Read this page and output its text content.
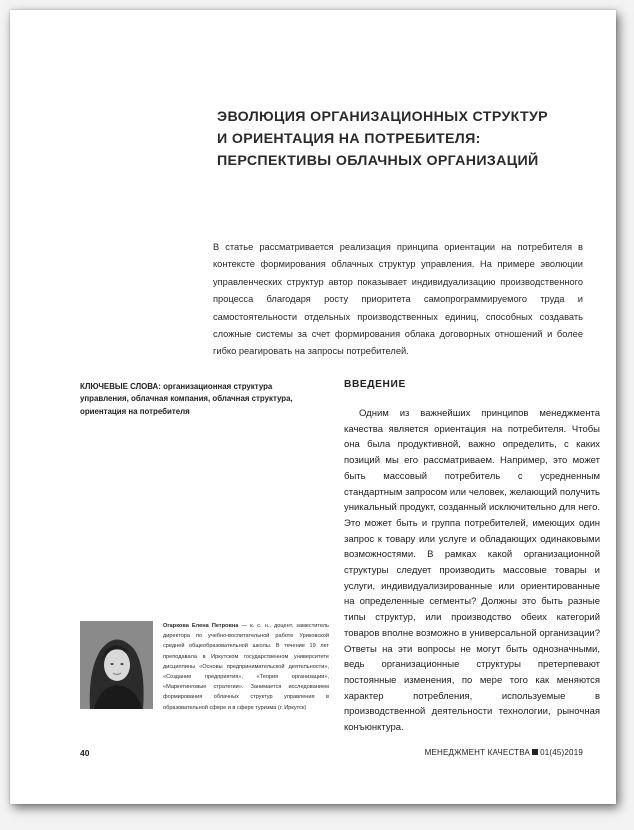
ЭВОЛЮЦИЯ ОРГАНИЗАЦИОННЫХ СТРУКТУР
И ОРИЕНТАЦИЯ НА ПОТРЕБИТЕЛЯ:
ПЕРСПЕКТИВЫ ОБЛАЧНЫХ ОРГАНИЗАЦИЙ

В статье рассматривается реализация принципа ориентации на потребителя в контексте формирования облачных структур управления. На примере эволюции управленческих структур автор показывает индивидуализацию производственного процесса благодаря росту приоритета самопрограммируемого труда и самостоятельности отдельных производственных единиц, способных создавать сложные системы за счет формирования облака договорных отношений и более гибко реагировать на запросы потребителей.

КЛЮЧЕВЫЕ СЛОВА: организационная структура управления, облачная компания, облачная структура, ориентация на потребителя

ВВЕДЕНИЕ

Одним из важнейших принципов менеджмента качества является ориентация на потребителя. Чтобы она была продуктивной, важно определить, с каких позиций мы его рассматриваем. Например, это может быть массовый потребитель с усредненным стандартным запросом или человек, желающий получить уникальный продукт, созданный исключительно для него. Это может быть и группа потребителей, имеющих один запрос к товару или услуге и обладающих одинаковыми возможностями. В рамках какой организационной структуры следует производить массовые товары и услуги, индивидуализированные или ориентированные на определенные сегменты? Должны это быть разные типы структур, или производство обеих категорий товаров вполне возможно в универсальной организации? Ответы на эти вопросы не могут быть однозначными, ведь организационные структуры претерпевают постоянные изменения, по мере того как меняются характер потребления, используемые в производственной деятельности технологии, рыночная конъюнктура.

Огаркова Елена Петровна — к. с. н., доцент, заместитель директора по учебно-воспитательной работе Уриковской средней общеобразовательной школы. В течение 19 лет преподавала в Иркутском государственном университете дисциплины «Основы предпринимательской деятельности», «Создание предприятия», «Теория организации», «Маркетинговые стратегии». Занимается исследованием формирования облачных структур управления в образовательной сфере и в сфере туризма (г. Иркутск)

40	МЕНЕДЖМЕНТ КАЧЕСТВА 01(45)2019
